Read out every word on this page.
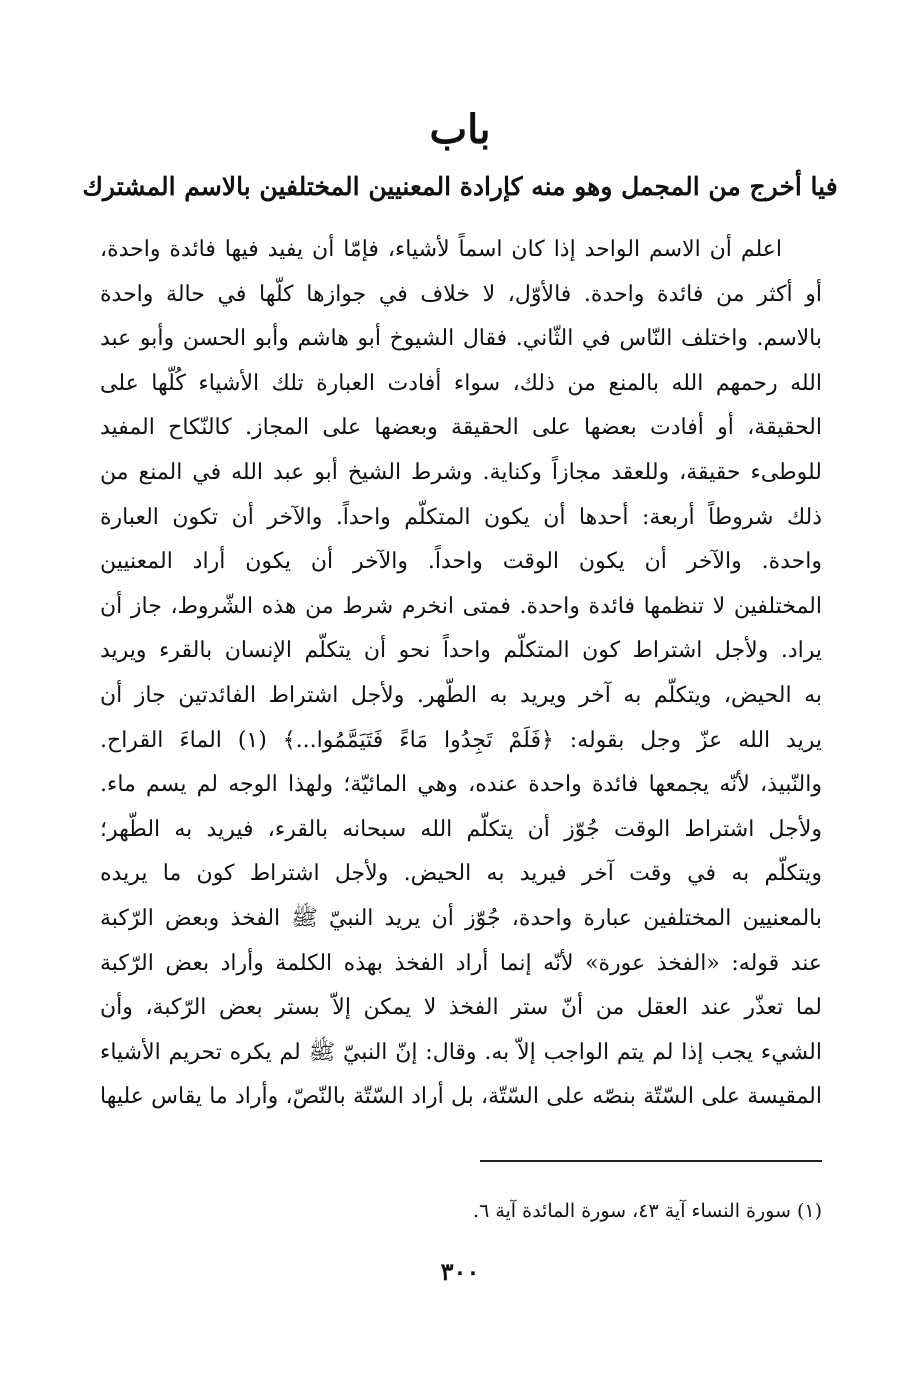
باب
فيا أخرج من المجمل وهو منه كإرادة المعنيين المختلفين بالاسم المشترك
اعلم أن الاسم الواحد إذا كان اسماً لأشياء، فإمّا أن يفيد فيها فائدة واحدة،
أو أكثر من فائدة واحدة. فالأوّل، لا خلاف في جوازها كلّها في حالة واحدة
بالاسم. واختلف النّاس في الثّاني. فقال الشيوخ أبو هاشم وأبو الحسن وأبو عبد
الله رحمهم الله بالمنع من ذلك، سواء أفادت العبارة تلك الأشياء كُلّها على
الحقيقة، أو أفادت بعضها على الحقيقة وبعضها على المجاز. كالنّكاح المفيد
للوطىء حقيقة، وللعقد مجازاً وكناية. وشرط الشيخ أبو عبد الله في المنع من
ذلك شروطاً أربعة: أحدها أن يكون المتكلّم واحداً. والآخر أن تكون العبارة
واحدة. والآخر أن يكون الوقت واحداً. والآخر أن يكون أراد المعنيين
المختلفين لا تنظمها فائدة واحدة. فمتى انخرم شرط من هذه الشّروط، جاز أن
يراد. ولأجل اشتراط كون المتكلّم واحداً نحو أن يتكلّم الإنسان بالقرء ويريد
به الحيض، ويتكلّم به آخر ويريد به الطّهر. ولأجل اشتراط الفائدتين جاز أن
يريد الله عزّ وجل بقوله: ﴿فَلَمْ تَجِدُوا مَاءً فَتَيَمَّمُوا...﴾ (١) الماءَ القراح.
والنّبيذ، لأنّه يجمعها فائدة واحدة عنده، وهي المائيّة؛ ولهذا الوجه لم يسم ماء.
ولأجل اشتراط الوقت جُوّز أن يتكلّم الله سبحانه بالقرء، فيريد به الطّهر؛
ويتكلّم به في وقت آخر فيريد به الحيض. ولأجل اشتراط كون ما يريده
بالمعنيين المختلفين عبارة واحدة، جُوّز أن يريد النبيّ ﷺ الفخذ وبعض الرّكبة
عند قوله: «الفخذ عورة» لأنّه إنما أراد الفخذ بهذه الكلمة وأراد بعض الرّكبة
لما تعذّر عند العقل من أنّ ستر الفخذ لا يمكن إلاّ بستر بعض الرّكبة، وأن
الشيء يجب إذا لم يتم الواجب إلاّ به. وقال: إنّ النبيّ ﷺ لم يكره تحريم الأشياء
المقيسة على السّتّة بنصّه على السّتّة، بل أراد السّتّة بالنّصّ، وأراد ما يقاس عليها

(١) سورة النساء آية ٤٣، سورة المائدة آية ٦.

٣٠٠
